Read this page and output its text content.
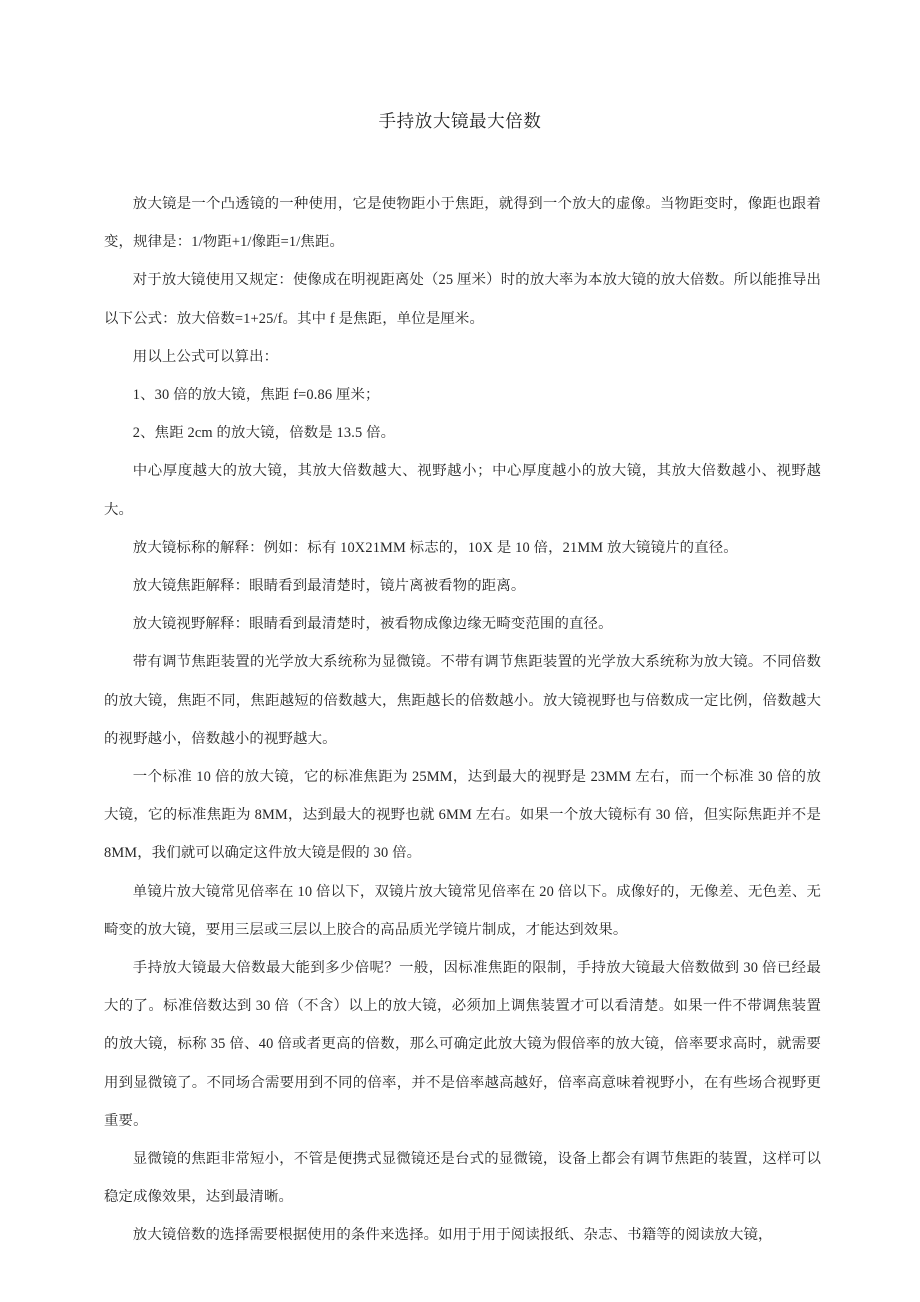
手持放大镜最大倍数

放大镜是一个凸透镜的一种使用，它是使物距小于焦距，就得到一个放大的虚像。当物距变时，像距也跟着变，规律是：1/物距+1/像距=1/焦距。

对于放大镜使用又规定：使像成在明视距离处（25 厘米）时的放大率为本放大镜的放大倍数。所以能推导出以下公式：放大倍数=1+25/f。其中 f 是焦距，单位是厘米。

用以上公式可以算出：

1、30 倍的放大镜，焦距 f=0.86 厘米；

2、焦距 2cm 的放大镜，倍数是 13.5 倍。

中心厚度越大的放大镜，其放大倍数越大、视野越小；中心厚度越小的放大镜，其放大倍数越小、视野越大。

放大镜标称的解释：例如：标有 10X21MM 标志的，10X 是 10 倍，21MM 放大镜镜片的直径。

放大镜焦距解释：眼睛看到最清楚时，镜片离被看物的距离。

放大镜视野解释：眼睛看到最清楚时，被看物成像边缘无畸变范围的直径。

带有调节焦距装置的光学放大系统称为显微镜。不带有调节焦距装置的光学放大系统称为放大镜。不同倍数的放大镜，焦距不同，焦距越短的倍数越大，焦距越长的倍数越小。放大镜视野也与倍数成一定比例，倍数越大的视野越小，倍数越小的视野越大。

一个标准 10 倍的放大镜，它的标准焦距为 25MM，达到最大的视野是 23MM 左右，而一个标准 30 倍的放大镜，它的标准焦距为 8MM，达到最大的视野也就 6MM 左右。如果一个放大镜标有 30 倍，但实际焦距并不是 8MM，我们就可以确定这件放大镜是假的 30 倍。

单镜片放大镜常见倍率在 10 倍以下，双镜片放大镜常见倍率在 20 倍以下。成像好的，无像差、无色差、无畸变的放大镜，要用三层或三层以上胶合的高品质光学镜片制成，才能达到效果。

手持放大镜最大倍数最大能到多少倍呢？一般，因标准焦距的限制，手持放大镜最大倍数做到 30 倍已经最大的了。标准倍数达到 30 倍（不含）以上的放大镜，必须加上调焦装置才可以看清楚。如果一件不带调焦装置的放大镜，标称 35 倍、40 倍或者更高的倍数，那么可确定此放大镜为假倍率的放大镜，倍率要求高时，就需要用到显微镜了。不同场合需要用到不同的倍率，并不是倍率越高越好，倍率高意味着视野小，在有些场合视野更重要。

显微镜的焦距非常短小，不管是便携式显微镜还是台式的显微镜，设备上都会有调节焦距的装置，这样可以稳定成像效果，达到最清晰。

放大镜倍数的选择需要根据使用的条件来选择。如用于用于阅读报纸、杂志、书籍等的阅读放大镜，
